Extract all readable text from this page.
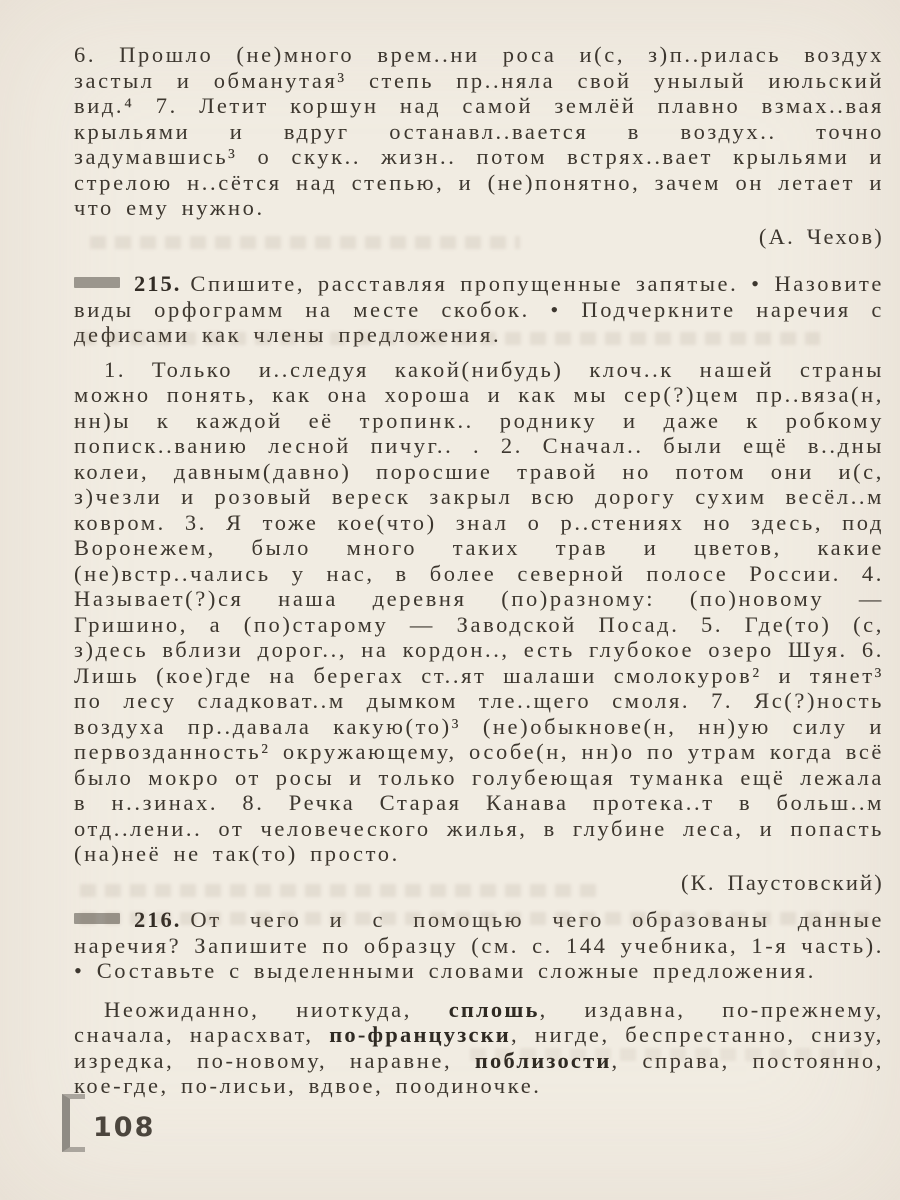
6. Прошло (не)много врем..ни роса и(с, з)п..рилась воздух застыл и обманутая³ степь пр..няла свой унылый июльский вид.⁴ 7. Летит коршун над самой землёй плавно взмах..вая крыльями и вдруг останавл..вается в воздух.. точно задумавшись³ о скук.. жизн.. потом встрях..вает крыльями и стрелою н..сётся над степью, и (не)понятно, зачем он летает и что ему нужно.

(А. Чехов)

215. Спишите, расставляя пропущенные запятые. • Назовите виды орфограмм на месте скобок. • Подчеркните наречия с дефисами как члены предложения.

1. Только и..следуя какой(нибудь) клоч..к нашей страны можно понять, как она хороша и как мы сер(?)цем пр..вяза(н, нн)ы к каждой её тропинк.. роднику и даже к робкому пописк..ванию лесной пичуг.. . 2. Сначал.. были ещё в..дны колеи, давным(давно) поросшие травой но потом они и(с, з)чезли и розовый вереск закрыл всю дорогу сухим весёл..м ковром. 3. Я тоже кое(что) знал о р..стениях но здесь, под Воронежем, было много таких трав и цветов, какие (не)встр..чались у нас, в более северной полосе России. 4. Называет(?)ся наша деревня (по)разному: (по)новому — Гришино, а (по)старому — Заводской Посад. 5. Где(то) (с, з)десь вблизи дорог.., на кордон.., есть глубокое озеро Шуя. 6. Лишь (кое)где на берегах ст..ят шалаши смолокуров² и тянет³ по лесу сладковат..м дымком тле..щего смоля. 7. Яс(?)ность воздуха пр..давала какую(то)³ (не)обыкнове(н, нн)ую силу и первозданность² окружающему, особе(н, нн)о по утрам когда всё было мокро от росы и только голубеющая туманка ещё лежала в н..зинах. 8. Речка Старая Канава протека..т в больш..м отд..лени.. от человеческого жилья, в глубине леса, и попасть (на)неё не так(то) просто.

(К. Паустовский)

216. От чего и с помощью чего образованы данные наречия? Запишите по образцу (см. с. 144 учебника, 1-я часть). • Составьте с выделенными словами сложные предложения.

Неожиданно, ниоткуда, сплошь, издавна, по-прежнему, сначала, нарасхват, по-французски, нигде, беспрестанно, снизу, изредка, по-новому, наравне, поблизости, справа, постоянно, кое-где, по-лисьи, вдвое, поодиночке.

108
